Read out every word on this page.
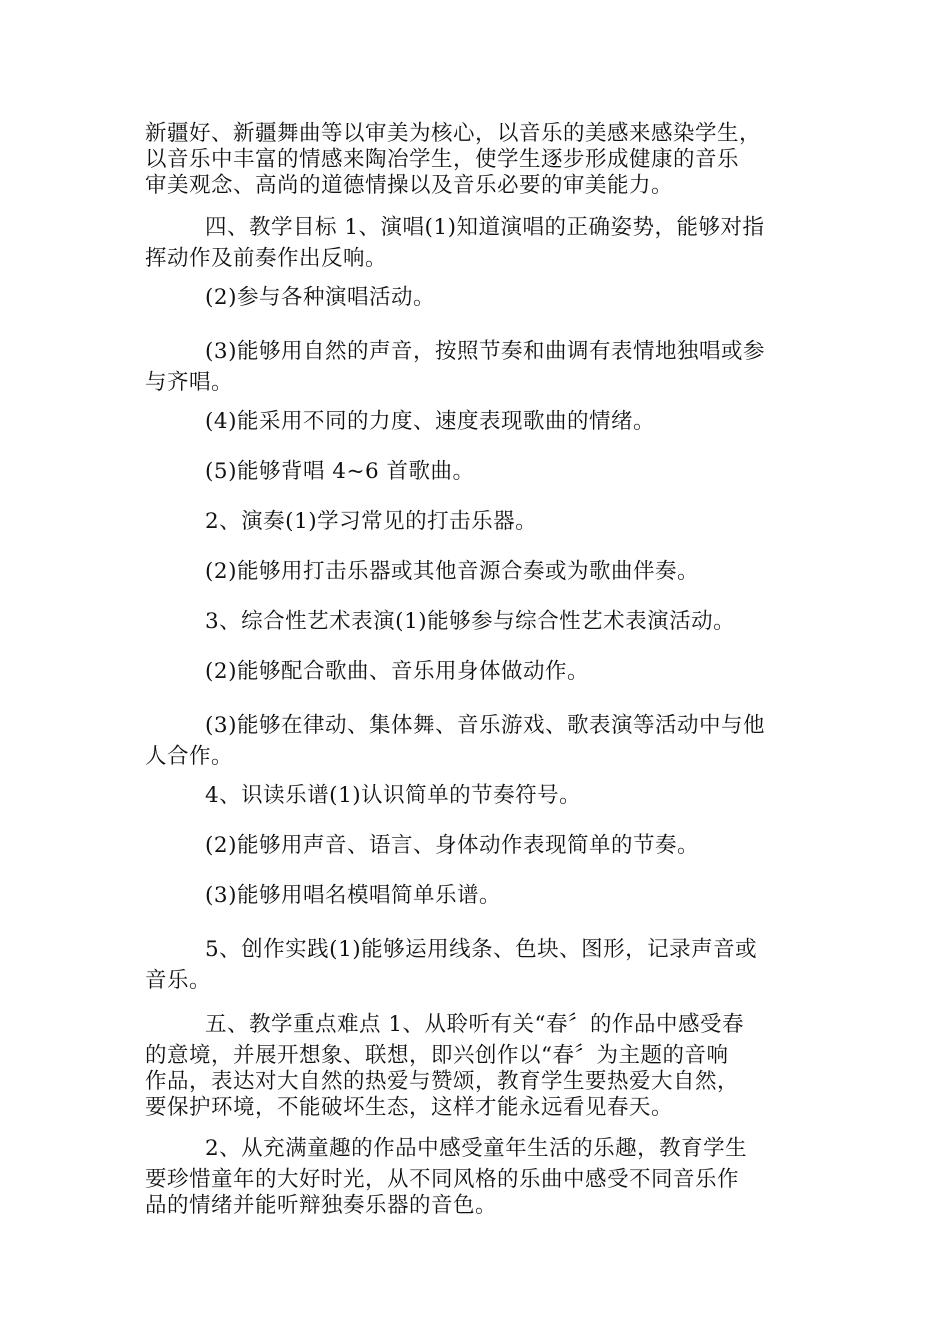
新疆好、新疆舞曲等以审美为核心，以音乐的美感来感染学生，
以音乐中丰富的情感来陶冶学生，使学生逐步形成健康的音乐
审美观念、高尚的道德情操以及音乐必要的审美能力。
四、教学目标 1、演唱(1)知道演唱的正确姿势，能够对指
挥动作及前奏作出反响。
(2)参与各种演唱活动。
(3)能够用自然的声音，按照节奏和曲调有表情地独唱或参
与齐唱。
(4)能采用不同的力度、速度表现歌曲的情绪。
(5)能够背唱 4~6 首歌曲。
2、演奏(1)学习常见的打击乐器。
(2)能够用打击乐器或其他音源合奏或为歌曲伴奏。
3、综合性艺术表演(1)能够参与综合性艺术表演活动。
(2)能够配合歌曲、音乐用身体做动作。
(3)能够在律动、集体舞、音乐游戏、歌表演等活动中与他
人合作。
4、识读乐谱(1)认识简单的节奏符号。
(2)能够用声音、语言、身体动作表现简单的节奏。
(3)能够用唱名模唱简单乐谱。
5、创作实践(1)能够运用线条、色块、图形，记录声音或
音乐。
五、教学重点难点 1、从聆听有关“春〞的作品中感受春
的意境，并展开想象、联想，即兴创作以“春〞为主题的音响
作品，表达对大自然的热爱与赞颂，教育学生要热爱大自然，
要保护环境，不能破坏生态，这样才能永远看见春天。
2、从充满童趣的作品中感受童年生活的乐趣，教育学生
要珍惜童年的大好时光，从不同风格的乐曲中感受不同音乐作
品的情绪并能听辩独奏乐器的音色。
